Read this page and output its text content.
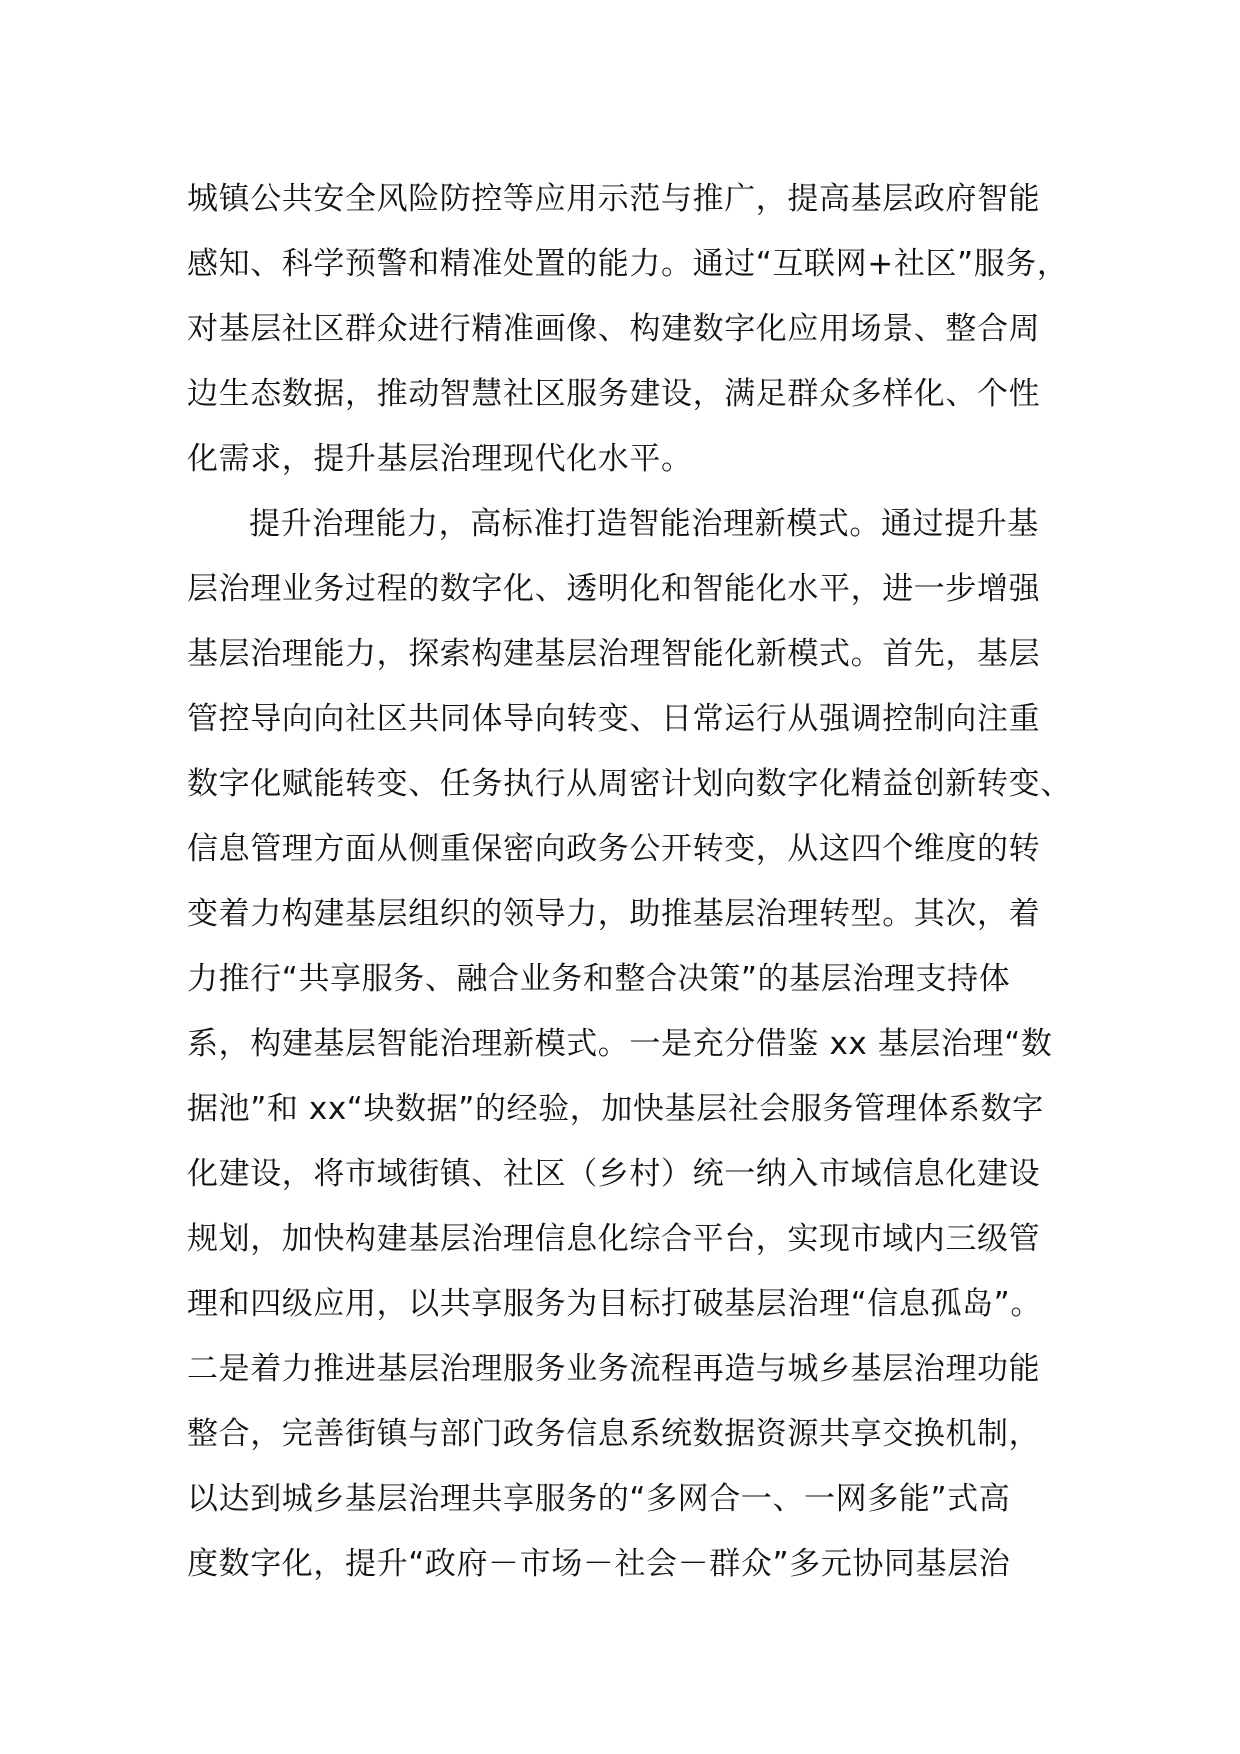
城镇公共安全风险防控等应用示范与推广，提高基层政府智能
感知、科学预警和精准处置的能力。通过“互联网+社区”服务，
对基层社区群众进行精准画像、构建数字化应用场景、整合周
边生态数据，推动智慧社区服务建设，满足群众多样化、个性
化需求，提升基层治理现代化水平。
提升治理能力，高标准打造智能治理新模式。通过提升基
层治理业务过程的数字化、透明化和智能化水平，进一步增强
基层治理能力，探索构建基层治理智能化新模式。首先，基层
管控导向向社区共同体导向转变、日常运行从强调控制向注重
数字化赋能转变、任务执行从周密计划向数字化精益创新转变、
信息管理方面从侧重保密向政务公开转变，从这四个维度的转
变着力构建基层组织的领导力，助推基层治理转型。其次，着
力推行“共享服务、融合业务和整合决策”的基层治理支持体
系，构建基层智能治理新模式。一是充分借鉴 xx 基层治理“数
据池”和 xx“块数据”的经验，加快基层社会服务管理体系数字
化建设，将市域街镇、社区（乡村）统一纳入市域信息化建设
规划，加快构建基层治理信息化综合平台，实现市域内三级管
理和四级应用，以共享服务为目标打破基层治理“信息孤岛”。
二是着力推进基层治理服务业务流程再造与城乡基层治理功能
整合，完善街镇与部门政务信息系统数据资源共享交换机制，
以达到城乡基层治理共享服务的“多网合一、一网多能”式高
度数字化，提升“政府－市场－社会－群众”多元协同基层治
